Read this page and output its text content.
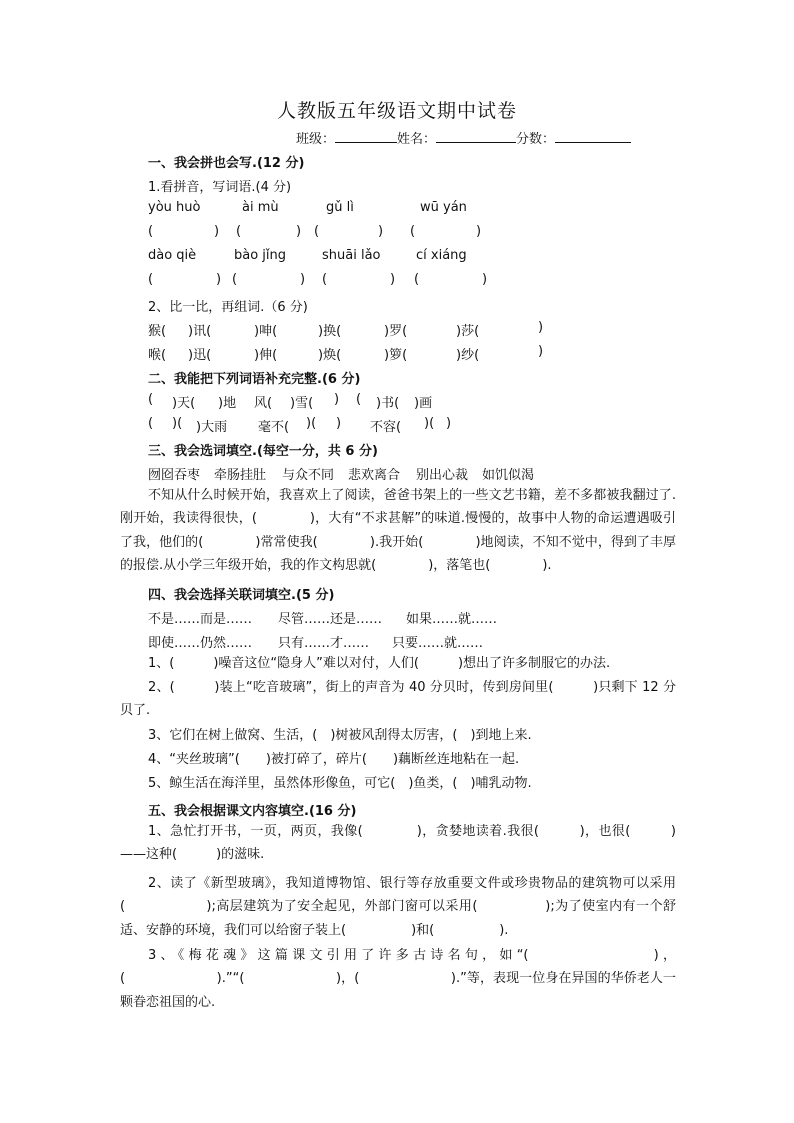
人教版五年级语文期中试卷
班级：	姓名：	分数：
一、我会拼也会写.(12 分)
1.看拼音，写词语.(4 分)
yòu huò	ài mù	gǔ lì	wū yán
(	) (	) (	) (	)
dào qiè	bào jǐng	shuāi lǎo	cí xiáng
(	) (	) (	) (	)
2、比一比，再组词.（6 分)
猴( )讯(	)呻(	)换(	)罗(	)莎(	)
喉( )迅(	)伸(	)焕(	)箩(	)纱(	)
二、我能把下列词语补充完整.(6 分)
( )天( )地 风( )雪( ) ( )书( )画
( )( )大雨 毫不( )( ) 不容( )( )
三、我会选词填空.(每空一分，共 6 分)
囫囵吞枣 牵肠挂肚 与众不同 悲欢离合 别出心裁 如饥似渴
不知从什么时候开始，我喜欢上了阅读，爸爸书架上的一些文艺书籍，差不多都被我翻过了.刚开始，我读得很快，(　　　　)，大有“不求甚解”的味道.慢慢的，故事中人物的命运遭遇吸引了我，他们的(　　　　)常常使我(　　　　).我开始(　　　　)地阅读，不知不觉中，得到了丰厚的报偿.从小学三年级开始，我的作文构思就(　　　　)，落笔也(　　　　).
四、我会选择关联词填空.(5 分)
不是……而是…… 尽管……还是…… 如果……就……
即使……仍然…… 只有……才…… 只要……就……
1、(　　　)噪音这位“隐身人”难以对付，人们(　　　)想出了许多制服它的办法.
2、(　　　)装上“吃音玻璃”，街上的声音为 40 分贝时，传到房间里(　　　)只剩下 12 分贝了.
3、它们在树上做窝、生活，(　)树被风刮得太厉害，(　)到地上来.
4、“夹丝玻璃”(　　)被打碎了，碎片(　　)藕断丝连地粘在一起.
5、鲸生活在海洋里，虽然体形像鱼，可它(　)鱼类，(　)哺乳动物.
五、我会根据课文内容填空.(16 分)
1、急忙打开书，一页，两页，我像(　　　　)，贪婪地读着.我很(　　　)，也很(　　　)——这种(　　　)的滋味.
2、读了《新型玻璃》，我知道博物馆、银行等存放重要文件或珍贵物品的建筑物可以采用(　　　　　　);高层建筑为了安全起见，外部门窗可以采用(　　　　　);为了使室内有一个舒适、安静的环境，我们可以给窗子装上(　　　　　)和(　　　　　).
3、《梅花魂》这篇课文引用了许多古诗名句，如“(　　　　　　　)，(　　　　　　　).”“(　　　　　　　)，(　　　　　　　).”等，表现一位身在异国的华侨老人一颗眷恋祖国的心.
